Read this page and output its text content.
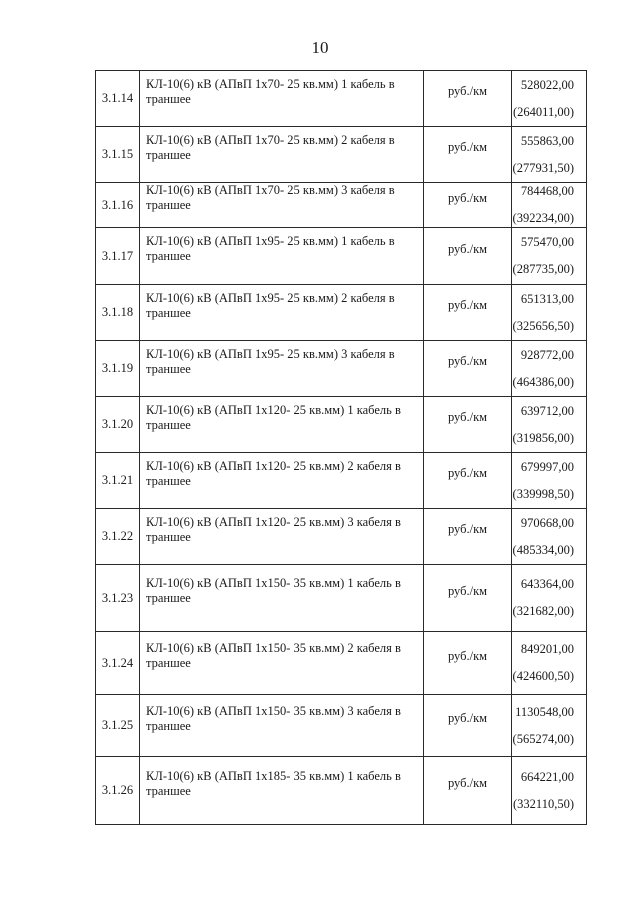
10
3.1.14	КЛ-10(6) кВ (АПвП 1х70- 25 кв.мм) 1 кабель в траншее	руб./км	528022,00
(264011,00)

3.1.15	КЛ-10(6) кВ (АПвП 1х70- 25 кв.мм) 2 кабеля в траншее	руб./км	555863,00
(277931,50)

3.1.16	КЛ-10(6) кВ (АПвП 1х70- 25 кв.мм) 3 кабеля в траншее	руб./км	784468,00
(392234,00)

3.1.17	КЛ-10(6) кВ (АПвП 1х95- 25 кв.мм) 1 кабель в траншее	руб./км	575470,00
(287735,00)

3.1.18	КЛ-10(6) кВ (АПвП 1х95- 25 кв.мм) 2 кабеля в траншее	руб./км	651313,00
(325656,50)

3.1.19	КЛ-10(6) кВ (АПвП 1х95- 25 кв.мм) 3 кабеля в траншее	руб./км	928772,00
(464386,00)

3.1.20	КЛ-10(6) кВ (АПвП 1х120- 25 кв.мм) 1 кабель в траншее	руб./км	639712,00
(319856,00)

3.1.21	КЛ-10(6) кВ (АПвП 1х120- 25 кв.мм) 2 кабеля в траншее	руб./км	679997,00
(339998,50)

3.1.22	КЛ-10(6) кВ (АПвП 1х120- 25 кв.мм) 3 кабеля в траншее	руб./км	970668,00
(485334,00)

3.1.23	КЛ-10(6) кВ (АПвП 1х150- 35 кв.мм) 1 кабель в траншее	руб./км	643364,00
(321682,00)

3.1.24	КЛ-10(6) кВ (АПвП 1х150- 35 кв.мм) 2 кабеля в траншее	руб./км	849201,00
(424600,50)

3.1.25	КЛ-10(6) кВ (АПвП 1х150- 35 кв.мм) 3 кабеля в траншее	руб./км	1130548,00
(565274,00)

3.1.26	КЛ-10(6) кВ (АПвП 1х185- 35 кв.мм) 1 кабель в траншее	руб./км	664221,00
(332110,50)
